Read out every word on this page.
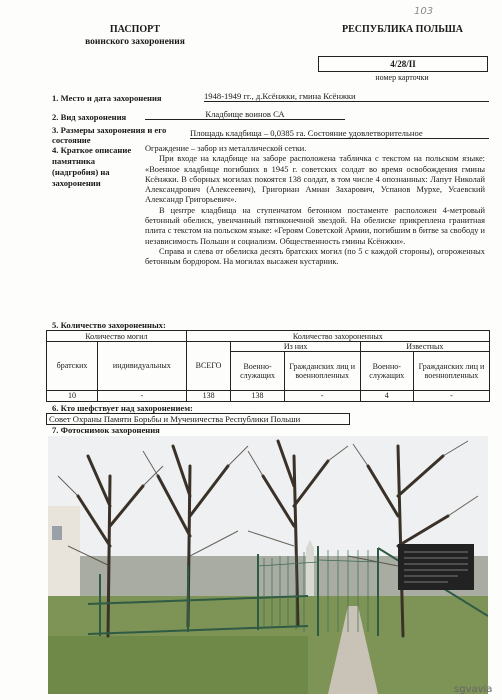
103
ПАСПОРТ
воинского захоронения
РЕСПУБЛИКА ПОЛЬША
4/28/II
номер карточки
1. Место и дата захоронения	1948-1949 гг., д.Ксёнжки, гмина Ксёнжки
2. Вид захоронения	Кладбище воинов СА
3. Размеры захоронения и его состояние
Площадь кладбища – 0,0385 га. Состояние удовлетворительное
4. Краткое описание памятника (надгробия) на захоронении
Ограждение – забор из металлической сетки.
При входе на кладбище на заборе расположена табличка с текстом на польском языке: «Военное кладбище погибших в 1945 г. советских солдат во время освобождения гмины Ксёнжки. В сборных могилах покоятся 138 солдат, в том числе 4 опознанных: Лапут Николай Александрович (Алексеевич), Григориан Амиан Захарович, Успанов Мурхе, Усаевский Александр Григорьевич».
В центре кладбища на ступенчатом бетонном постаменте расположен 4-метровый бетонный обелиск, увенчанный пятиконечной звездой. На обелиске прикреплена гранитная плита с текстом на польском языке: «Героям Советской Армии, погибшим в битве за свободу и независимость Польши и социализм. Общественность гмины Ксёнжки».
Справа и слева от обелиска десять братских могил (по 5 с каждой стороны), огороженных бетонным бордюром. На могилах высажен кустарник.
5. Количество захороненных:
Количество могил		Количество захороненных				
братских	индивидуальных	ВСЕГО	Из них		Известных	
			Военно-служащих	Гражданских лиц и военнопленных	Военно-служащих	Гражданских лиц и военнопленных
10	-	138	138	-	4	-
6. Кто шефствует над захоронением:
Совет Охраны Памяти Борьбы и Мученичества Республики Польши
7. Фотоснимок захоронения
sgvavia
